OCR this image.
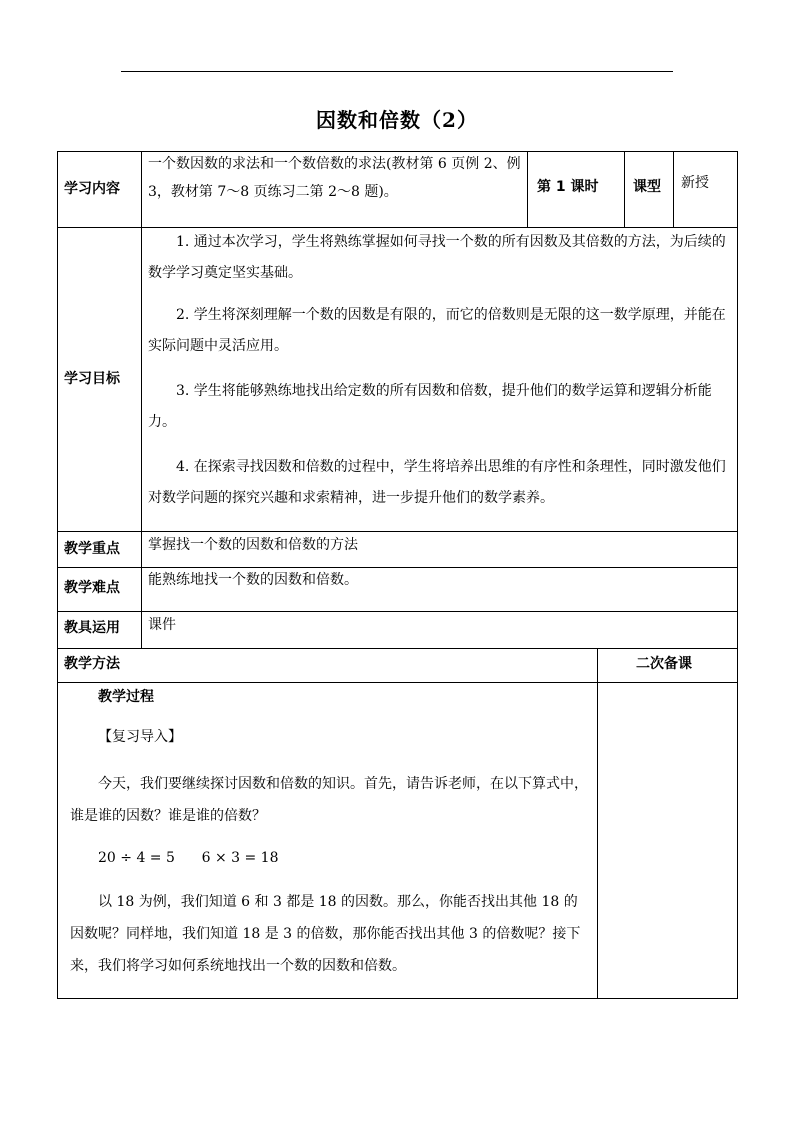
因数和倍数（2）
学习内容
一个数因数的求法和一个数倍数的求法(教材第 6 页例 2、例 3，教材第 7～8 页练习二第 2～8 题)。	第 1 课时 课型 新授
学习目标
1. 通过本次学习，学生将熟练掌握如何寻找一个数的所有因数及其倍数的方法，为后续的数学学习奠定坚实基础。
2. 学生将深刻理解一个数的因数是有限的，而它的倍数则是无限的这一数学原理，并能在实际问题中灵活应用。
3. 学生将能够熟练地找出给定数的所有因数和倍数，提升他们的数学运算和逻辑分析能力。
4. 在探索寻找因数和倍数的过程中，学生将培养出思维的有序性和条理性，同时激发他们对数学问题的探究兴趣和求索精神，进一步提升他们的数学素养。
教学重点 掌握找一个数的因数和倍数的方法
教学难点 能熟练地找一个数的因数和倍数。
教具运用 课件
教学方法	二次备课
教学过程
【复习导入】
今天，我们要继续探讨因数和倍数的知识。首先，请告诉老师，在以下算式中，谁是谁的因数？谁是谁的倍数？
20 ÷ 4 = 5      6 × 3 = 18
以 18 为例，我们知道 6 和 3 都是 18 的因数。那么，你能否找出其他 18 的因数呢？同样地，我们知道 18 是 3 的倍数，那你能否找出其他 3 的倍数呢？接下来，我们将学习如何系统地找出一个数的因数和倍数。
